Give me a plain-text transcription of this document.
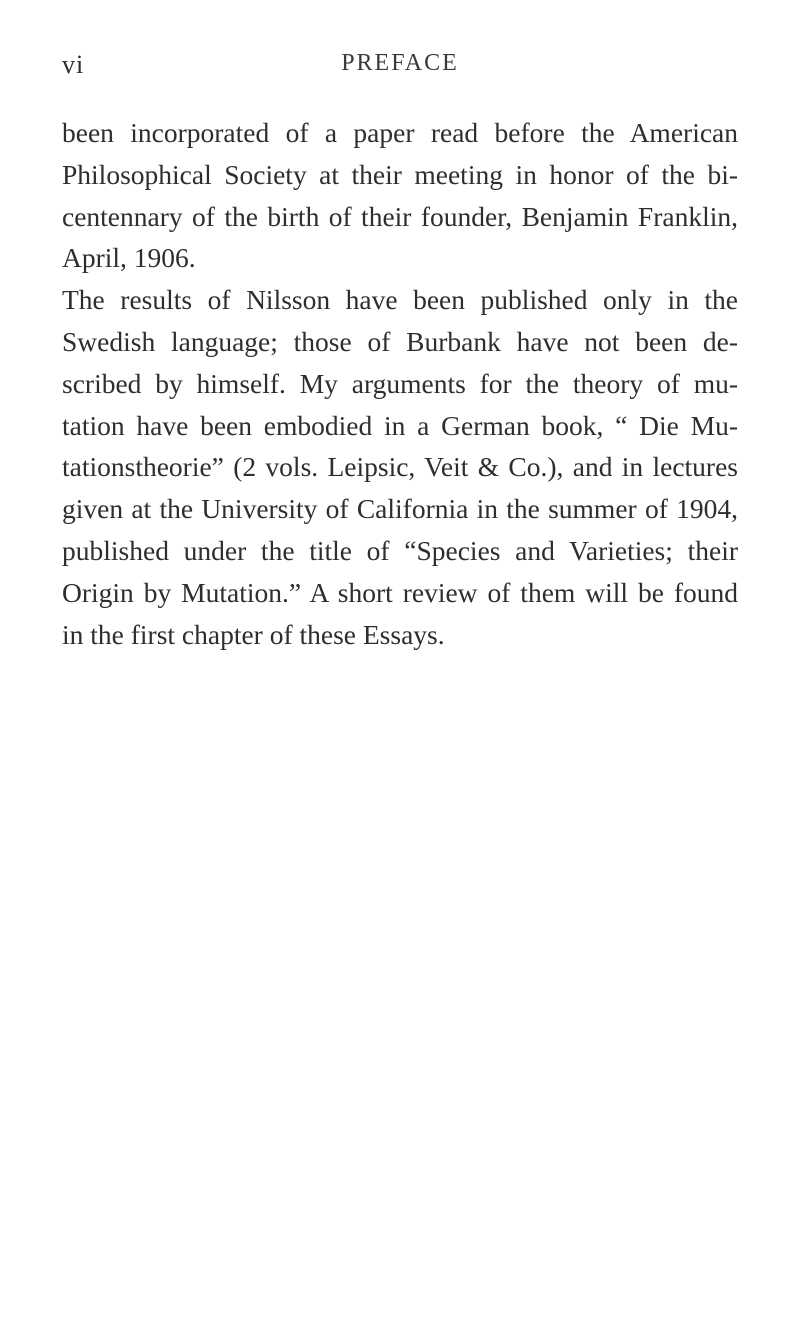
vi	PREFACE
been incorporated of a paper read before the American
Philosophical Society at their meeting in honor of the bi-
centennary of the birth of their founder, Benjamin Franklin,
April, 1906.
The results of Nilsson have been published only in the
Swedish language; those of Burbank have not been de-
scribed by himself. My arguments for the theory of mu-
tation have been embodied in a German book, “ Die Mu-
tationstheorie” (2 vols. Leipsic, Veit & Co.), and in lectures
given at the University of California in the summer of 1904,
published under the title of “Species and Varieties; their
Origin by Mutation.” A short review of them will be found
in the first chapter of these Essays.
